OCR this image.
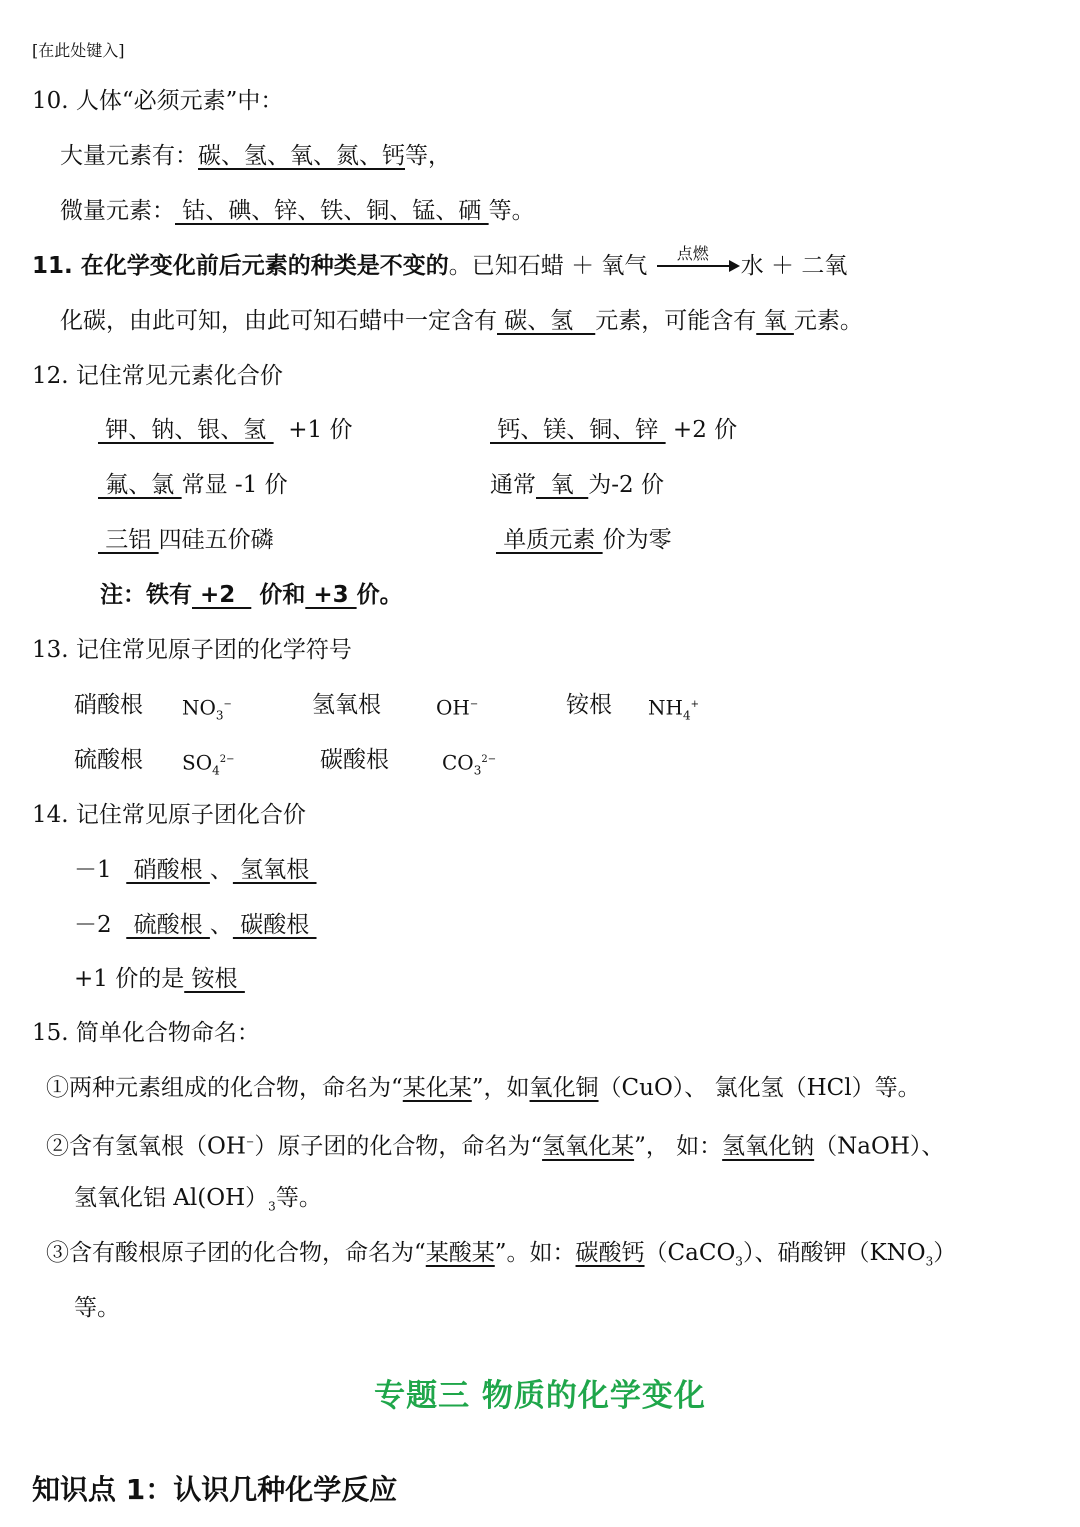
[在此处键入]
10. 人体“必须元素”中：
大量元素有：碳、氢、氧、氮、钙等，
微量元素： 钴、碘、锌、铁、铜、锰、硒 等。
11. 在化学变化前后元素的种类是不变的。已知石蜡 ＋ 氧气 点燃 水 ＋ 二氧
化碳，由此可知，由此可知石蜡中一定含有 碳、氢   元素，可能含有 氧 元素。
12. 记住常见元素化合价
钾、钠、银、氢   +1 价	钙、镁、铜、锌  +2 价
氟、氯 常显 -1 价	通常  氧  为-2 价
三铝 四硅五价磷	单质元素 价为零
注：铁有 +2   价和 +3 价。
13. 记住常见原子团的化学符号
硝酸根 $NO_3^-$	氢氧根	OH−	铵根 $NH_4^+$
硫酸根 $SO_4^{2-}$	碳酸根	$CO_3^{2-}$
14. 记住常见原子团化合价
－1   硝酸根 、 氢氧根
－2   硫酸根 、 碳酸根
+1 价的是 铵根
15. 简单化合物命名：
①两种元素组成的化合物，命名为“某化某”，如氧化铜（CuO）、 氯化氢（HCl）等。
②含有氢氧根（OH−）原子团的化合物，命名为“氢氧化某”， 如：氢氧化钠（NaOH）、
氢氧化铝 $Al(OH)_3$等。
③含有酸根原子团的化合物，命名为“某酸某”。如：碳酸钙（CaCO$_3$）、硝酸钾$(KNO_3)$
等。
专题三 物质的化学变化
知识点 1：认识几种化学反应
